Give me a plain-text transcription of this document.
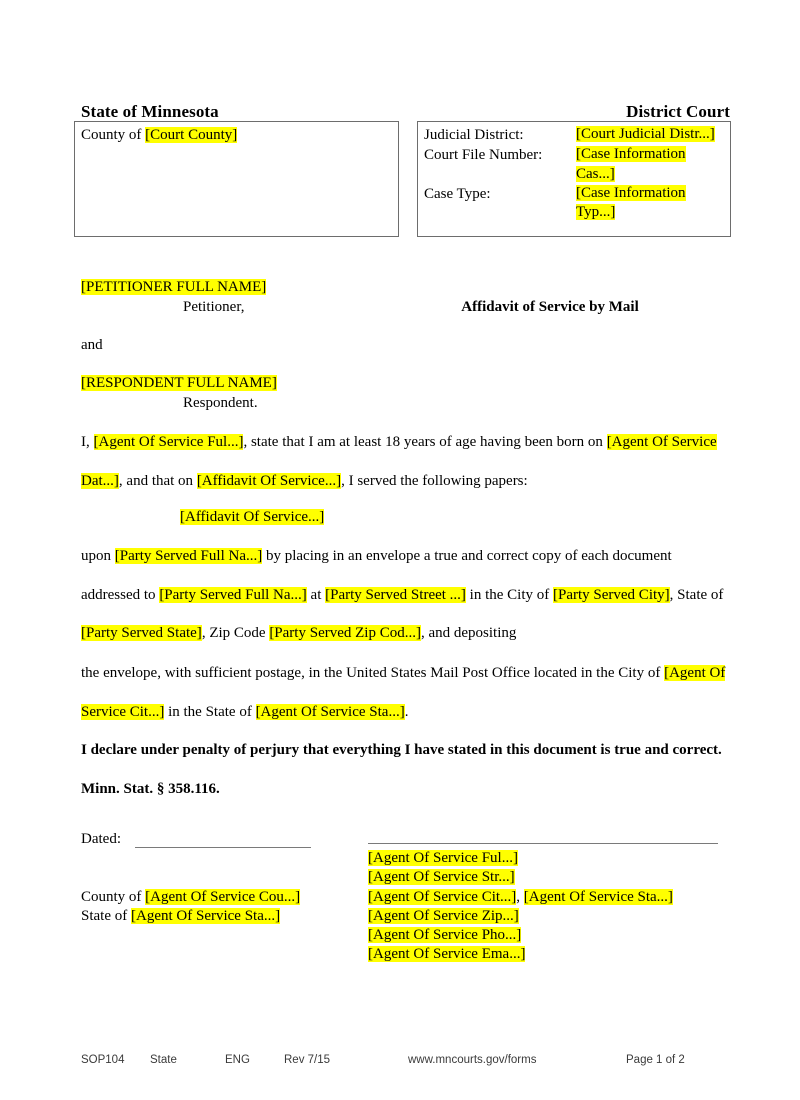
State of Minnesota	District Court
County of [Court County]	Judicial District:	[Court Judicial Distr...]
Court File Number:	[Case Information Cas...]
Case Type:	[Case Information Typ...]
[PETITIONER FULL NAME]
Petitioner,
and
[RESPONDENT FULL NAME]
Respondent.
Affidavit of Service by Mail
I, [Agent Of Service Ful...], state that I am at least 18 years of age having been born on [Agent Of Service Dat...], and that on [Affidavit Of Service...], I served the following papers:
[Affidavit Of Service...]
upon [Party Served Full Na...] by placing in an envelope a true and correct copy of each document addressed to [Party Served Full Na...] at [Party Served Street ...] in the City of [Party Served City], State of [Party Served State], Zip Code [Party Served Zip Cod...], and depositing
the envelope, with sufficient postage, in the United States Mail Post Office located in the City of [Agent Of Service Cit...] in the State of [Agent Of Service Sta...].
I declare under penalty of perjury that everything I have stated in this document is true and correct. Minn. Stat. § 358.116.
Dated:
[Agent Of Service Ful...]
[Agent Of Service Str...]
[Agent Of Service Cit...], [Agent Of Service Sta...]
[Agent Of Service Zip...]
[Agent Of Service Pho...]
[Agent Of Service Ema...]
County of [Agent Of Service Cou...]
State of [Agent Of Service Sta...]
SOP104 State	ENG	Rev 7/15	www.mncourts.gov/forms	Page 1 of 2
